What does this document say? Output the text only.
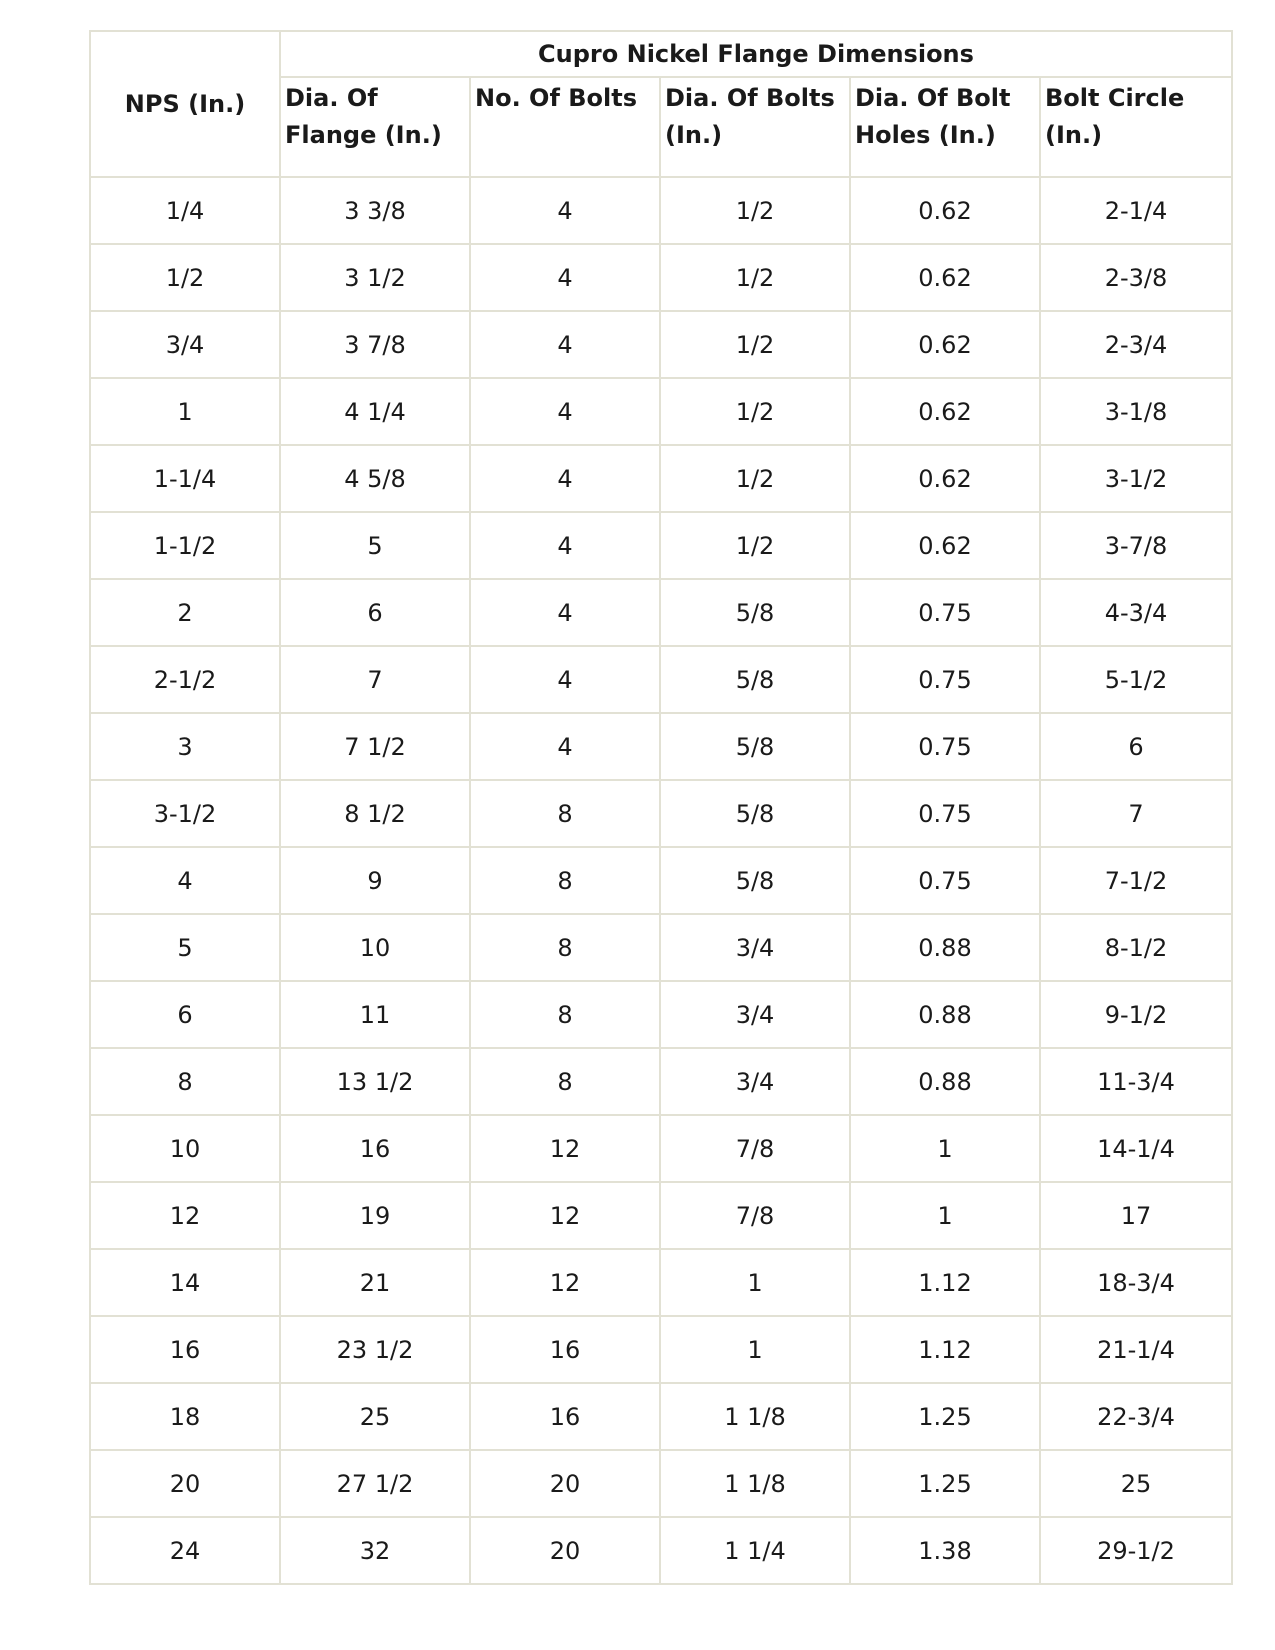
NPS (In.)	Cupro Nickel Flange Dimensions				
	Dia. Of Flange (In.)	No. Of Bolts	Dia. Of Bolts (In.)	Dia. Of Bolt Holes (In.)	Bolt Circle (In.)
1/4	3 3/8	4	1/2	0.62	2-1/4
1/2	3 1/2	4	1/2	0.62	2-3/8
3/4	3 7/8	4	1/2	0.62	2-3/4
1	4 1/4	4	1/2	0.62	3-1/8
1-1/4	4 5/8	4	1/2	0.62	3-1/2
1-1/2	5	4	1/2	0.62	3-7/8
2	6	4	5/8	0.75	4-3/4
2-1/2	7	4	5/8	0.75	5-1/2
3	7 1/2	4	5/8	0.75	6
3-1/2	8 1/2	8	5/8	0.75	7
4	9	8	5/8	0.75	7-1/2
5	10	8	3/4	0.88	8-1/2
6	11	8	3/4	0.88	9-1/2
8	13 1/2	8	3/4	0.88	11-3/4
10	16	12	7/8	1	14-1/4
12	19	12	7/8	1	17
14	21	12	1	1.12	18-3/4
16	23 1/2	16	1	1.12	21-1/4
18	25	16	1 1/8	1.25	22-3/4
20	27 1/2	20	1 1/8	1.25	25
24	32	20	1 1/4	1.38	29-1/2
